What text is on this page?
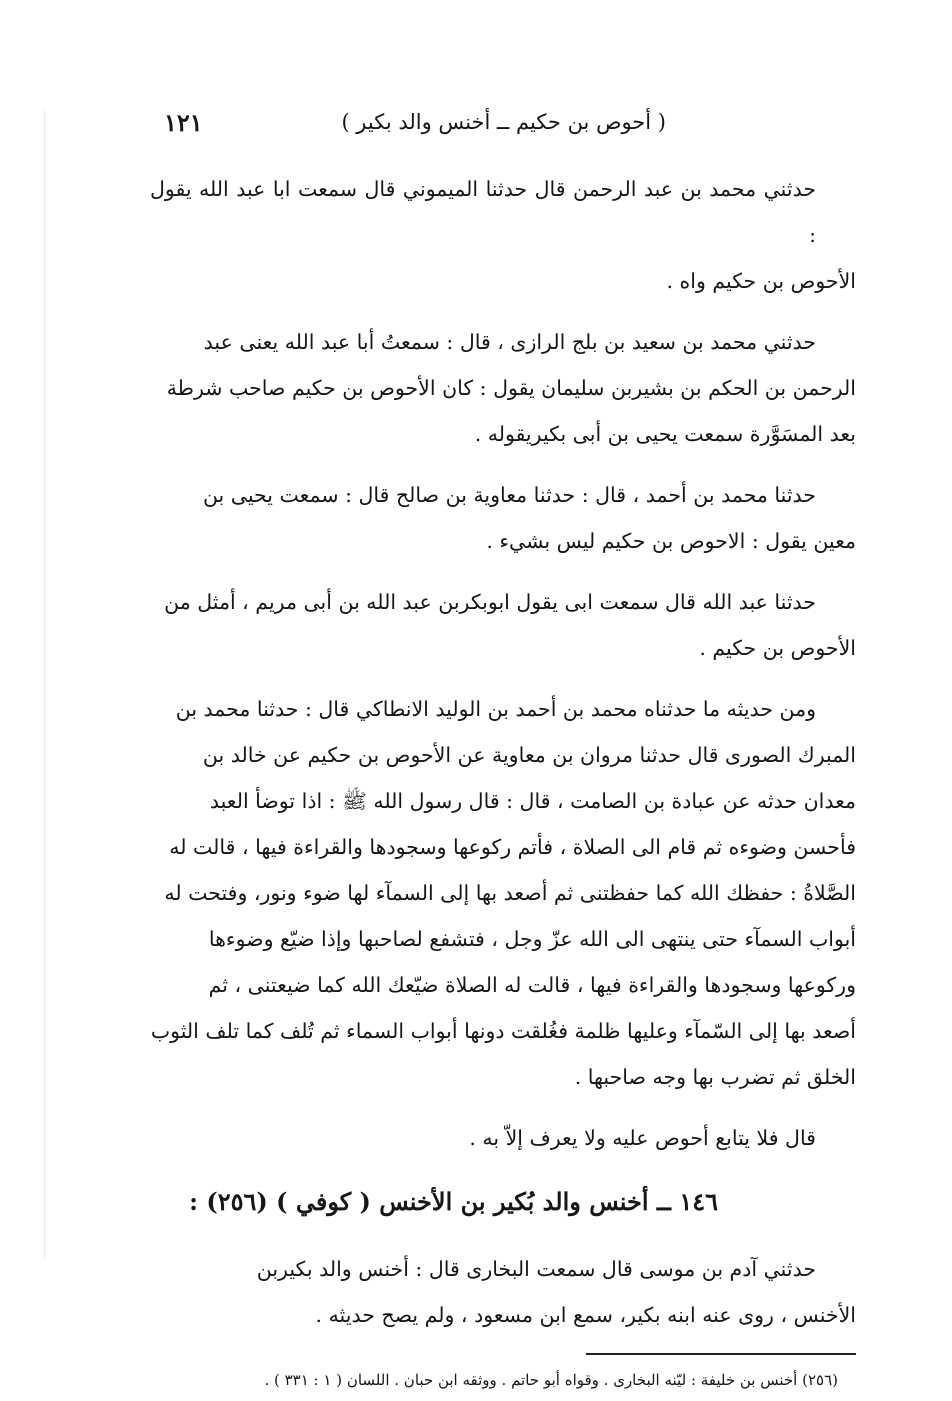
( أحوص بن حكيم ــ أخنس والد بكير )
١٢١
حدثني محمد بن عبد الرحمن قال حدثنا الميموني قال سمعت ابا عبد الله يقول :
الأحوص بن حكيم واه .
حدثني محمد بن سعيد بن بلج الرازى ، قال : سمعتُ أبا عبد الله يعنى عبد
الرحمن بن الحكم بن بشيربن سليمان يقول : كان الأحوص بن حكيم صاحب شرطة
بعد المسَوَّرة سمعت يحيى بن أبى بكيريقوله .
حدثنا محمد بن أحمد ، قال : حدثنا معاوية بن صالح قال : سمعت يحيى بن
معين يقول : الاحوص بن حكيم ليس بشيء .
حدثنا عبد الله قال سمعت ابى يقول ابوبكربن عبد الله بن أبى مريم ، أمثل من
الأحوص بن حكيم .
ومن حديثه ما حدثناه محمد بن أحمد بن الوليد الانطاكي قال : حدثنا محمد بن
المبرك الصورى قال حدثنا مروان بن معاوية عن الأحوص بن حكيم عن خالد بن
معدان حدثه عن عبادة بن الصامت ، قال : قال رسول الله ﷺ : اذا توضأ العبد
فأحسن وضوءه ثم قام الى الصلاة ، فأتم ركوعها وسجودها والقراءة فيها ، قالت له
الصَّلاةُ : حفظك الله كما حفظتنى ثم أصعد بها إلى السمآء لها ضوء ونور، وفتحت له
أبواب السمآء حتى ينتهى الى الله عزّ وجل ، فتشفع لصاحبها وإذا ضيّع وضوءها
وركوعها وسجودها والقراءة فيها ، قالت له الصلاة ضيّعك الله كما ضيعتنى ، ثم
أصعد بها إلى السّمآء وعليها ظلمة فغُلقت دونها أبواب السماء ثم تُلف كما تلف الثوب
الخلق ثم تضرب بها وجه صاحبها .
قال فلا يتابع أحوص عليه ولا يعرف إلاّ به .
١٤٦ ــ أخنس والد بُكير بن الأخنس ( كوفي ) (٢٥٦) :
حدثني آدم بن موسى قال سمعت البخارى قال : أخنس والد بكيربن
الأخنس ، روى عنه ابنه بكير، سمع ابن مسعود ، ولم يصح حديثه .
(٢٥٦) أخنس بن خليفة : ليّنه البخارى . وقواه أبو حاتم . ووثقه ابن حبان . اللسان ( ١ : ٣٣١ ) .
